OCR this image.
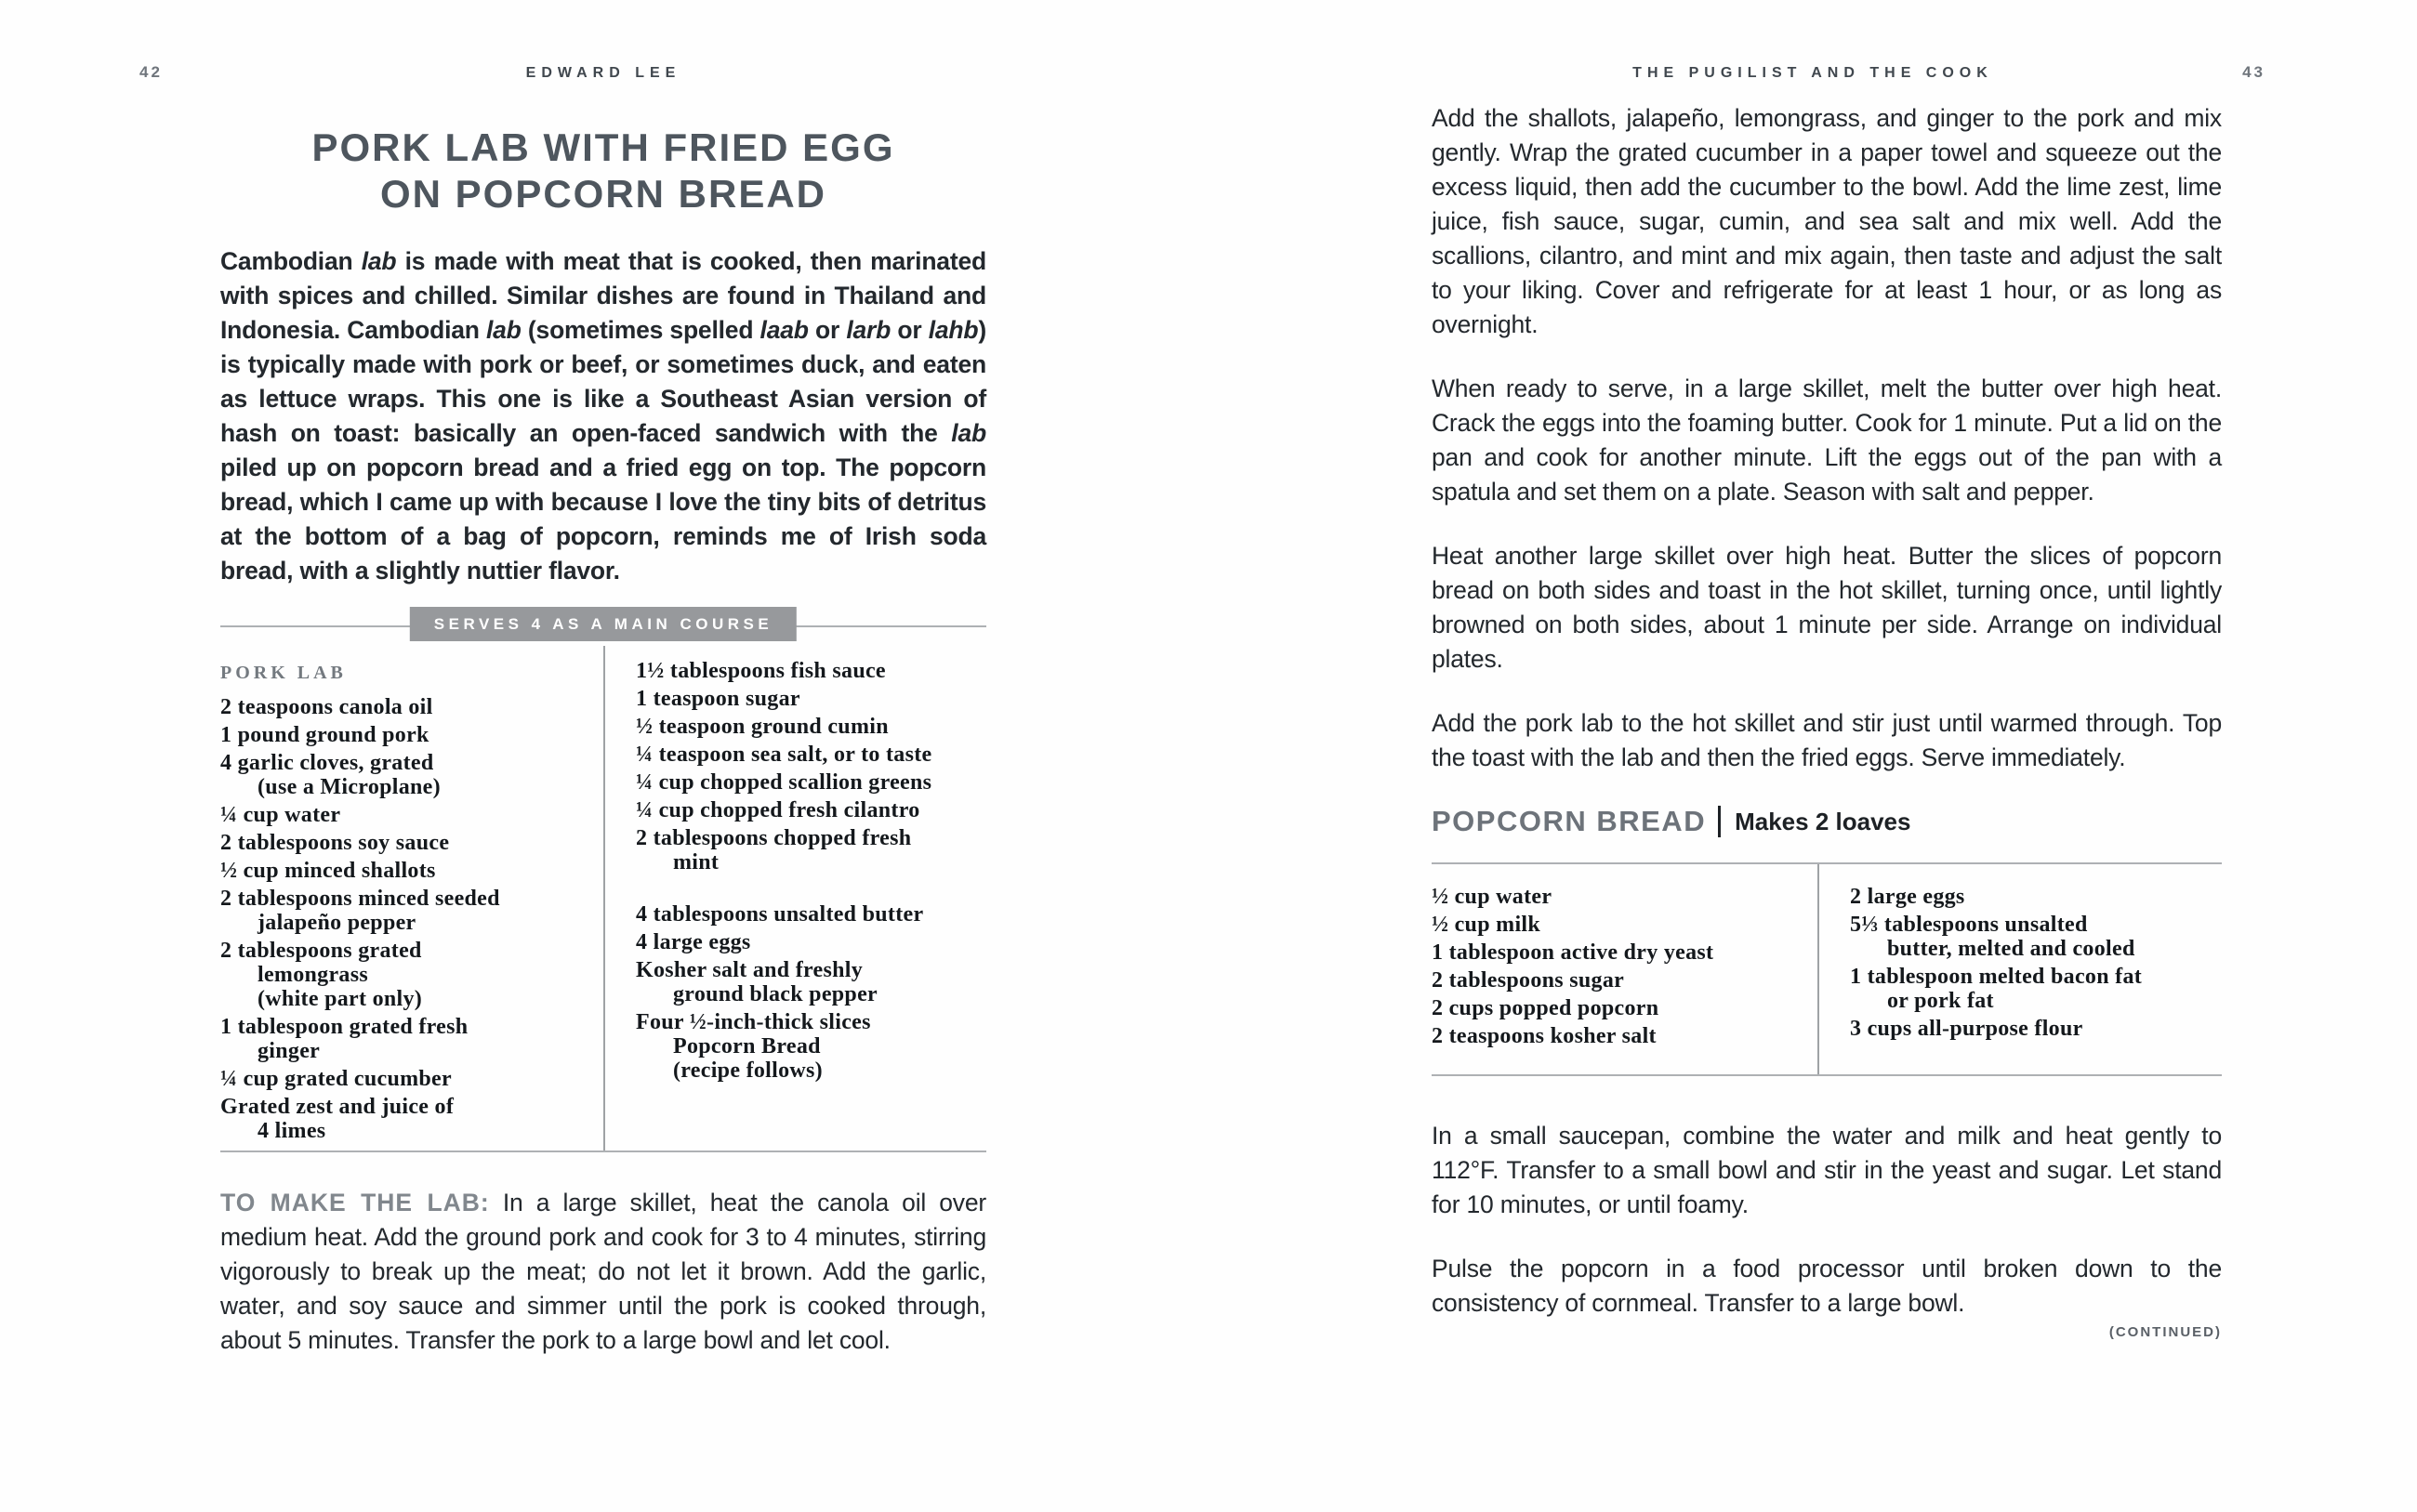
42	EDWARD LEE
PORK LAB WITH FRIED EGG
ON POPCORN BREAD

Cambodian lab is made with meat that is cooked, then marinated with spices and chilled. Similar dishes are found in Thailand and Indonesia. Cambodian lab (sometimes spelled laab or larb or lahb) is typically made with pork or beef, or sometimes duck, and eaten as lettuce wraps. This one is like a Southeast Asian version of hash on toast: basically an open-faced sandwich with the lab piled up on popcorn bread and a fried egg on top. The popcorn bread, which I came up with because I love the tiny bits of detritus at the bottom of a bag of popcorn, reminds me of Irish soda bread, with a slightly nuttier flavor.

SERVES 4 AS A MAIN COURSE
PORK LAB
2 teaspoons canola oil
1 pound ground pork
4 garlic cloves, grated
(use a Microplane)
¼ cup water
2 tablespoons soy sauce
½ cup minced shallots
2 tablespoons minced seeded
jalapeño pepper
2 tablespoons grated
lemongrass
(white part only)
1 tablespoon grated fresh
ginger
¼ cup grated cucumber
Grated zest and juice of
4 limes
1½ tablespoons fish sauce
1 teaspoon sugar
½ teaspoon ground cumin
¼ teaspoon sea salt, or to taste
¼ cup chopped scallion greens
¼ cup chopped fresh cilantro
2 tablespoons chopped fresh
mint
4 tablespoons unsalted butter
4 large eggs
Kosher salt and freshly
ground black pepper
Four ½-inch-thick slices
Popcorn Bread
(recipe follows)

TO MAKE THE LAB: In a large skillet, heat the canola oil over medium heat. Add the ground pork and cook for 3 to 4 minutes, stirring vigorously to break up the meat; do not let it brown. Add the garlic, water, and soy sauce and simmer until the pork is cooked through, about 5 minutes. Transfer the pork to a large bowl and let cool.

THE PUGILIST AND THE COOK	43

Add the shallots, jalapeño, lemongrass, and ginger to the pork and mix gently. Wrap the grated cucumber in a paper towel and squeeze out the excess liquid, then add the cucumber to the bowl. Add the lime zest, lime juice, fish sauce, sugar, cumin, and sea salt and mix well. Add the scallions, cilantro, and mint and mix again, then taste and adjust the salt to your liking. Cover and refrigerate for at least 1 hour, or as long as overnight.

When ready to serve, in a large skillet, melt the butter over high heat. Crack the eggs into the foaming butter. Cook for 1 minute. Put a lid on the pan and cook for another minute. Lift the eggs out of the pan with a spatula and set them on a plate. Season with salt and pepper.

Heat another large skillet over high heat. Butter the slices of popcorn bread on both sides and toast in the hot skillet, turning once, until lightly browned on both sides, about 1 minute per side. Arrange on individual plates.

Add the pork lab to the hot skillet and stir just until warmed through. Top the toast with the lab and then the fried eggs. Serve immediately.

POPCORN BREAD Makes 2 loaves
½ cup water
½ cup milk
1 tablespoon active dry yeast
2 tablespoons sugar
2 cups popped popcorn
2 teaspoons kosher salt
2 large eggs
5⅓ tablespoons unsalted
butter, melted and cooled
1 tablespoon melted bacon fat
or pork fat
3 cups all-purpose flour

In a small saucepan, combine the water and milk and heat gently to 112°F. Transfer to a small bowl and stir in the yeast and sugar. Let stand for 10 minutes, or until foamy.

Pulse the popcorn in a food processor until broken down to the consistency of cornmeal. Transfer to a large bowl.

(CONTINUED)
